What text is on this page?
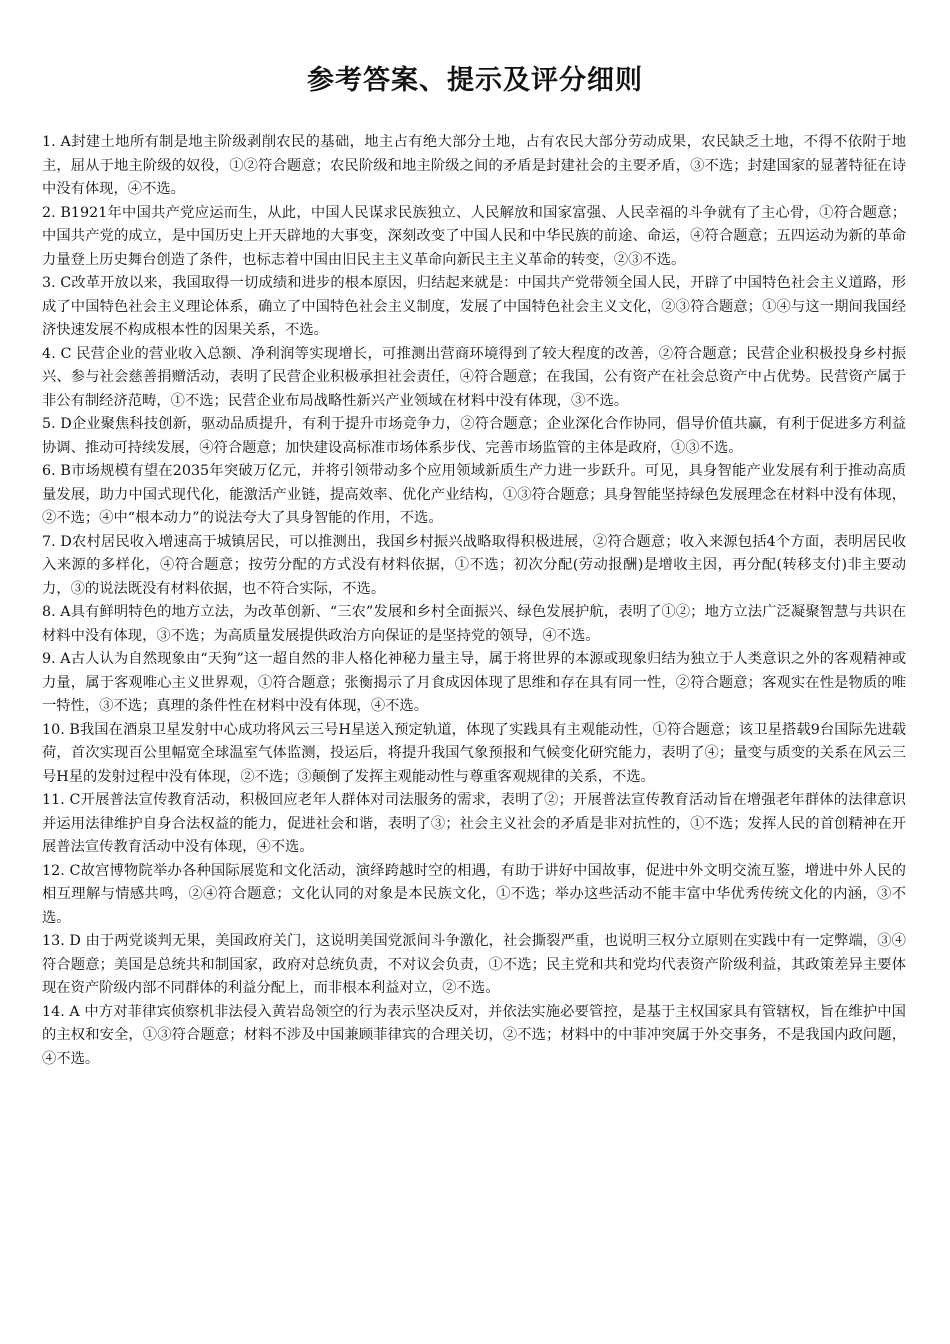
参考答案、提示及评分细则
1. A封建土地所有制是地主阶级剥削农民的基础，地主占有绝大部分土地，占有农民大部分劳动成果，农民缺乏土地，不得不依附于地主，屈从于地主阶级的奴役，①②符合题意；农民阶级和地主阶级之间的矛盾是封建社会的主要矛盾，③不选；封建国家的显著特征在诗中没有体现，④不选。
2. B1921年中国共产党应运而生，从此，中国人民谋求民族独立、人民解放和国家富强、人民幸福的斗争就有了主心骨，①符合题意；中国共产党的成立，是中国历史上开天辟地的大事变，深刻改变了中国人民和中华民族的前途、命运，④符合题意；五四运动为新的革命力量登上历史舞台创造了条件，也标志着中国由旧民主主义革命向新民主主义革命的转变，②③不选。
3. C改革开放以来，我国取得一切成绩和进步的根本原因，归结起来就是：中国共产党带领全国人民，开辟了中国特色社会主义道路，形成了中国特色社会主义理论体系，确立了中国特色社会主义制度，发展了中国特色社会主义文化，②③符合题意；①④与这一期间我国经济快速发展不构成根本性的因果关系，不选。
4. C 民营企业的营业收入总额、净利润等实现增长，可推测出营商环境得到了较大程度的改善，②符合题意；民营企业积极投身乡村振兴、参与社会慈善捐赠活动，表明了民营企业积极承担社会责任，④符合题意；在我国，公有资产在社会总资产中占优势。民营资产属于非公有制经济范畴，①不选；民营企业布局战略性新兴产业领域在材料中没有体现，③不选。
5. D企业聚焦科技创新，驱动品质提升，有利于提升市场竞争力，②符合题意；企业深化合作协同，倡导价值共赢，有利于促进多方利益协调、推动可持续发展，④符合题意；加快建设高标准市场体系步伐、完善市场监管的主体是政府，①③不选。
6. B市场规模有望在2035年突破万亿元，并将引领带动多个应用领域新质生产力进一步跃升。可见，具身智能产业发展有利于推动高质量发展，助力中国式现代化，能激活产业链，提高效率、优化产业结构，①③符合题意；具身智能坚持绿色发展理念在材料中没有体现，②不选；④中“根本动力”的说法夸大了具身智能的作用，不选。
7. D农村居民收入增速高于城镇居民，可以推测出，我国乡村振兴战略取得积极进展，②符合题意；收入来源包括4个方面，表明居民收入来源的多样化，④符合题意；按劳分配的方式没有材料依据，①不选；初次分配(劳动报酬)是增收主因，再分配(转移支付)非主要动力，③的说法既没有材料依据，也不符合实际，不选。
8. A具有鲜明特色的地方立法，为改革创新、“三农”发展和乡村全面振兴、绿色发展护航，表明了①②；地方立法广泛凝聚智慧与共识在材料中没有体现，③不选；为高质量发展提供政治方向保证的是坚持党的领导，④不选。
9. A古人认为自然现象由“天狗”这一超自然的非人格化神秘力量主导，属于将世界的本源或现象归结为独立于人类意识之外的客观精神或力量，属于客观唯心主义世界观，①符合题意；张衡揭示了月食成因体现了思维和存在具有同一性，②符合题意；客观实在性是物质的唯一特性，③不选；真理的条件性在材料中没有体现，④不选。
10. B我国在酒泉卫星发射中心成功将风云三号H星送入预定轨道，体现了实践具有主观能动性，①符合题意；该卫星搭载9台国际先进载荷，首次实现百公里幅宽全球温室气体监测，投运后，将提升我国气象预报和气候变化研究能力，表明了④；量变与质变的关系在风云三号H星的发射过程中没有体现，②不选；③颠倒了发挥主观能动性与尊重客观规律的关系，不选。
11. C开展普法宣传教育活动，积极回应老年人群体对司法服务的需求，表明了②；开展普法宣传教育活动旨在增强老年群体的法律意识并运用法律维护自身合法权益的能力，促进社会和谐，表明了③；社会主义社会的矛盾是非对抗性的，①不选；发挥人民的首创精神在开展普法宣传教育活动中没有体现，④不选。
12. C故宫博物院举办各种国际展览和文化活动，演绎跨越时空的相遇，有助于讲好中国故事，促进中外文明交流互鉴，增进中外人民的相互理解与情感共鸣，②④符合题意；文化认同的对象是本民族文化，①不选；举办这些活动不能丰富中华优秀传统文化的内涵，③不选。
13. D 由于两党谈判无果，美国政府关门，这说明美国党派间斗争激化，社会撕裂严重，也说明三权分立原则在实践中有一定弊端，③④符合题意；美国是总统共和制国家，政府对总统负责，不对议会负责，①不选；民主党和共和党均代表资产阶级利益，其政策差异主要体现在资产阶级内部不同群体的利益分配上，而非根本利益对立，②不选。
14. A 中方对菲律宾侦察机非法侵入黄岩岛领空的行为表示坚决反对，并依法实施必要管控，是基于主权国家具有管辖权，旨在维护中国的主权和安全，①③符合题意；材料不涉及中国兼顾菲律宾的合理关切，②不选；材料中的中菲冲突属于外交事务，不是我国内政问题，④不选。
